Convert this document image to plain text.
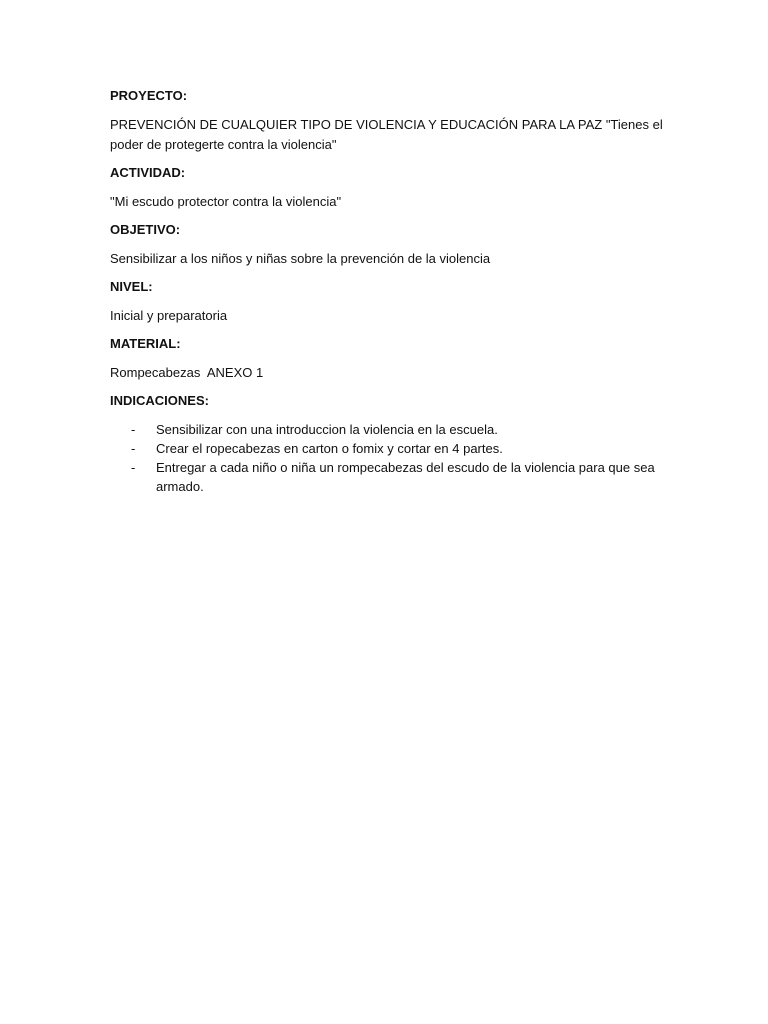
PROYECTO:
PREVENCIÓN DE CUALQUIER TIPO DE VIOLENCIA Y EDUCACIÓN PARA LA PAZ "Tienes el poder de protegerte contra la violencia"
ACTIVIDAD:
"Mi escudo protector contra la violencia"
OBJETIVO:
Sensibilizar a los niños y niñas sobre la prevención de la violencia
NIVEL:
Inicial y preparatoria
MATERIAL:
Rompecabezas  ANEXO 1
INDICACIONES:
- Sensibilizar con una introduccion la violencia en la escuela.
- Crear el ropecabezas en carton o fomix y cortar en 4 partes.
- Entregar a cada niño o niña un rompecabezas del escudo de la violencia para que sea armado.
